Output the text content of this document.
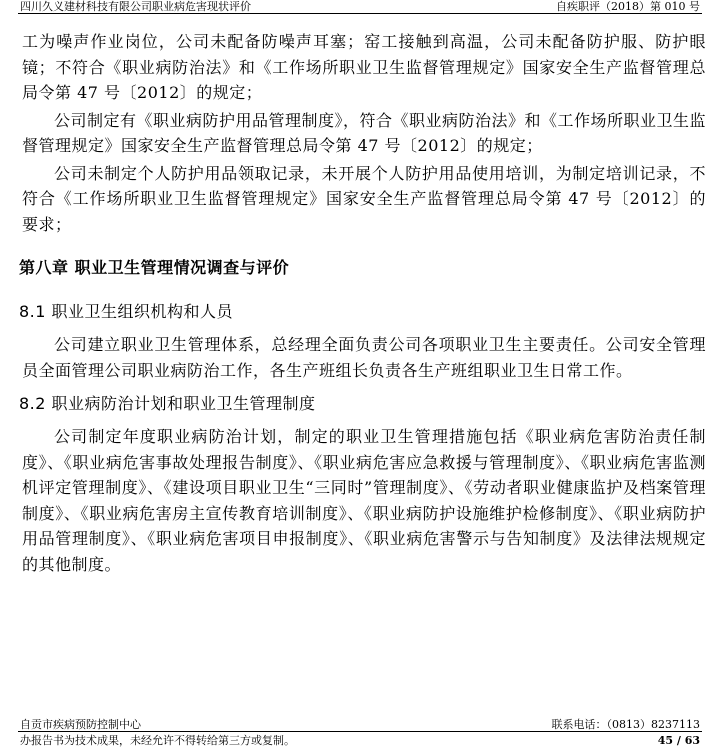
四川久义建材科技有限公司职业病危害现状评价	自疾职评（2018）第 010 号

工为噪声作业岗位，公司未配备防噪声耳塞；窑工接触到高温，公司未配备防护服、防护眼镜；不符合《职业病防治法》和《工作场所职业卫生监督管理规定》国家安全生产监督管理总局令第 47 号〔2012〕的规定；

公司制定有《职业病防护用品管理制度》，符合《职业病防治法》和《工作场所职业卫生监督管理规定》国家安全生产监督管理总局令第 47 号〔2012〕的规定；

公司未制定个人防护用品领取记录，未开展个人防护用品使用培训，为制定培训记录，不符合《工作场所职业卫生监督管理规定》国家安全生产监督管理总局令第 47 号〔2012〕的要求；

第八章 职业卫生管理情况调查与评价
8.1 职业卫生组织机构和人员

公司建立职业卫生管理体系，总经理全面负责公司各项职业卫生主要责任。公司安全管理员全面管理公司职业病防治工作，各生产班组长负责各生产班组职业卫生日常工作。

8.2 职业病防治计划和职业卫生管理制度

公司制定年度职业病防治计划，制定的职业卫生管理措施包括《职业病危害防治责任制度》、《职业病危害事故处理报告制度》、《职业病危害应急救援与管理制度》、《职业病危害监测机评定管理制度》、《建设项目职业卫生“三同时”管理制度》、《劳动者职业健康监护及档案管理制度》、《职业病危害房主宣传教育培训制度》、《职业病防护设施维护检修制度》、《职业病防护用品管理制度》、《职业病危害项目申报制度》、《职业病危害警示与告知制度》及法律法规规定的其他制度。

自贡市疾病预防控制中心	联系电话：（0813）8237113
办报告书为技术成果，未经允许不得转给第三方或复制。	45 / 63
